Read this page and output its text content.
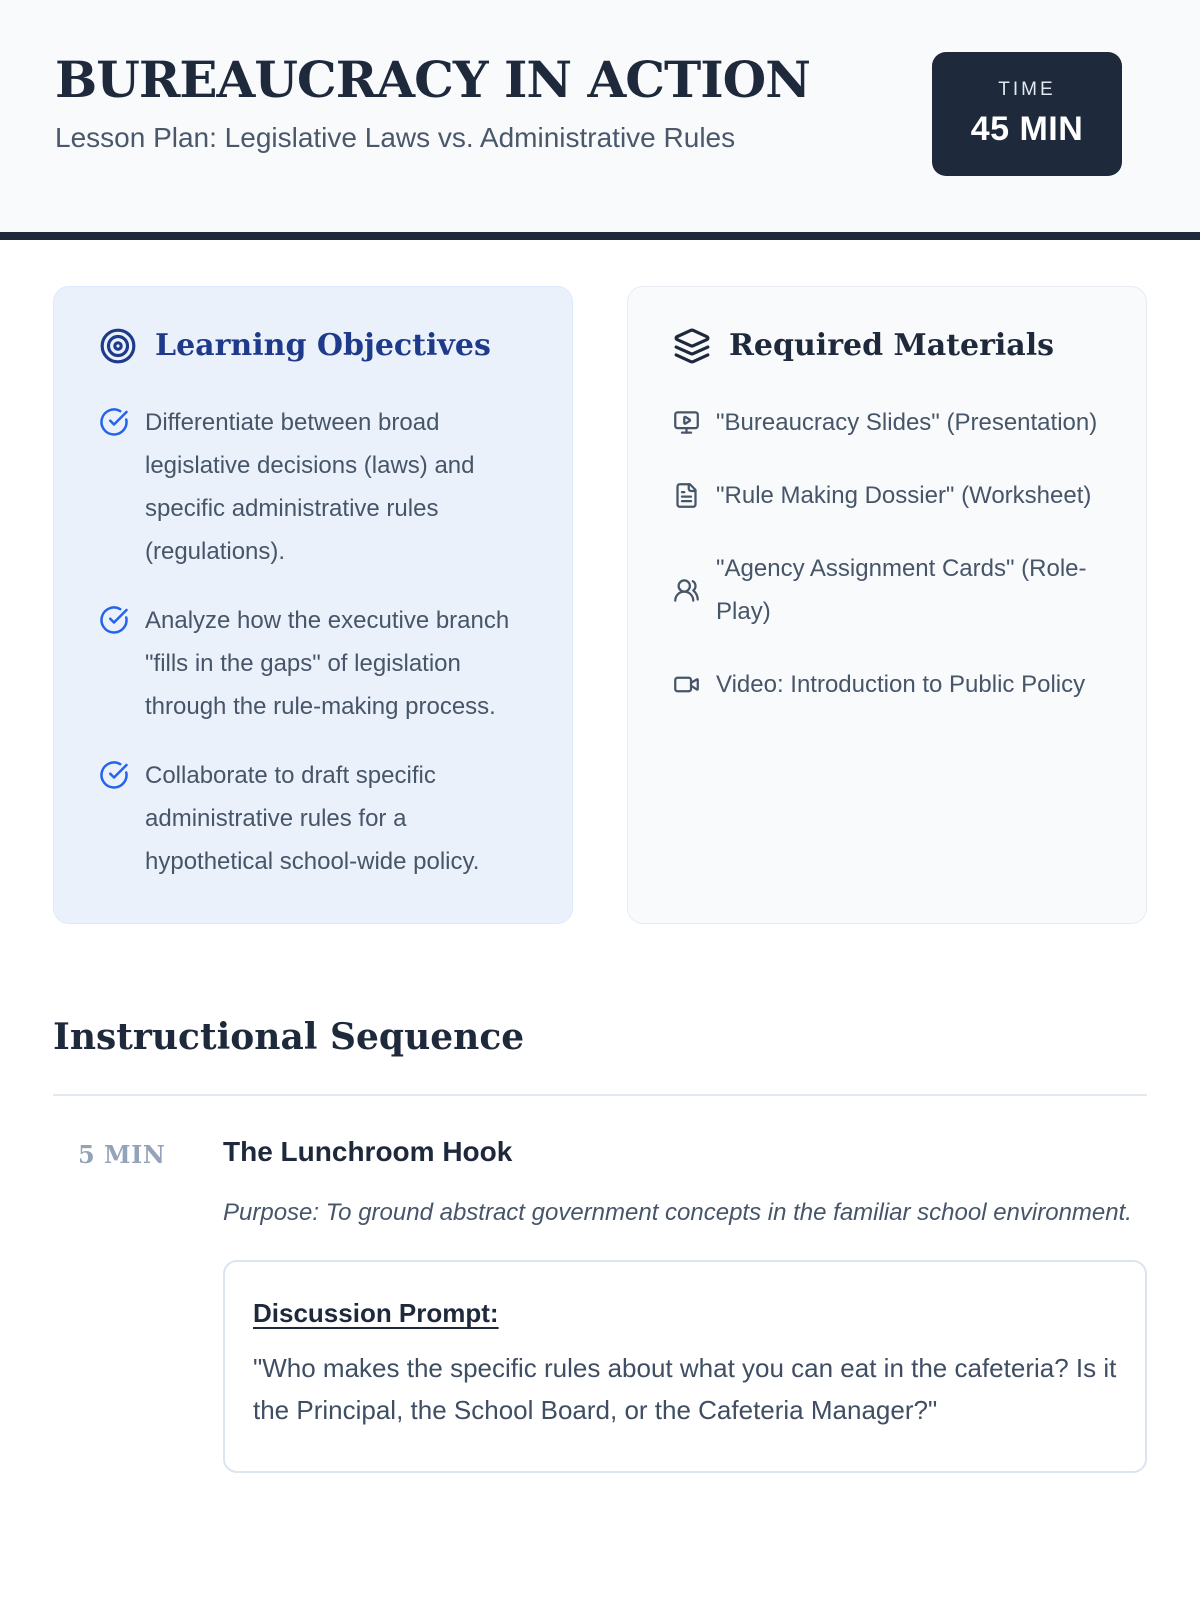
BUREAUCRACY IN ACTION

Lesson Plan: Legislative Laws vs. Administrative Rules

TIME
45 MIN
Learning Objectives
Differentiate between broad legislative decisions (laws) and specific administrative rules (regulations).
Analyze how the executive branch "fills in the gaps" of legislation through the rule-making process.
Collaborate to draft specific administrative rules for a hypothetical school-wide policy.
Required Materials
"Bureaucracy Slides" (Presentation)
"Rule Making Dossier" (Worksheet)
"Agency Assignment Cards" (Role-Play)
Video: Introduction to Public Policy
Instructional Sequence
5 MIN	The Lunchroom Hook

Purpose: To ground abstract government concepts in the familiar school environment.

Discussion Prompt:

"Who makes the specific rules about what you can eat in the cafeteria? Is it the Principal, the School Board, or the Cafeteria Manager?"
